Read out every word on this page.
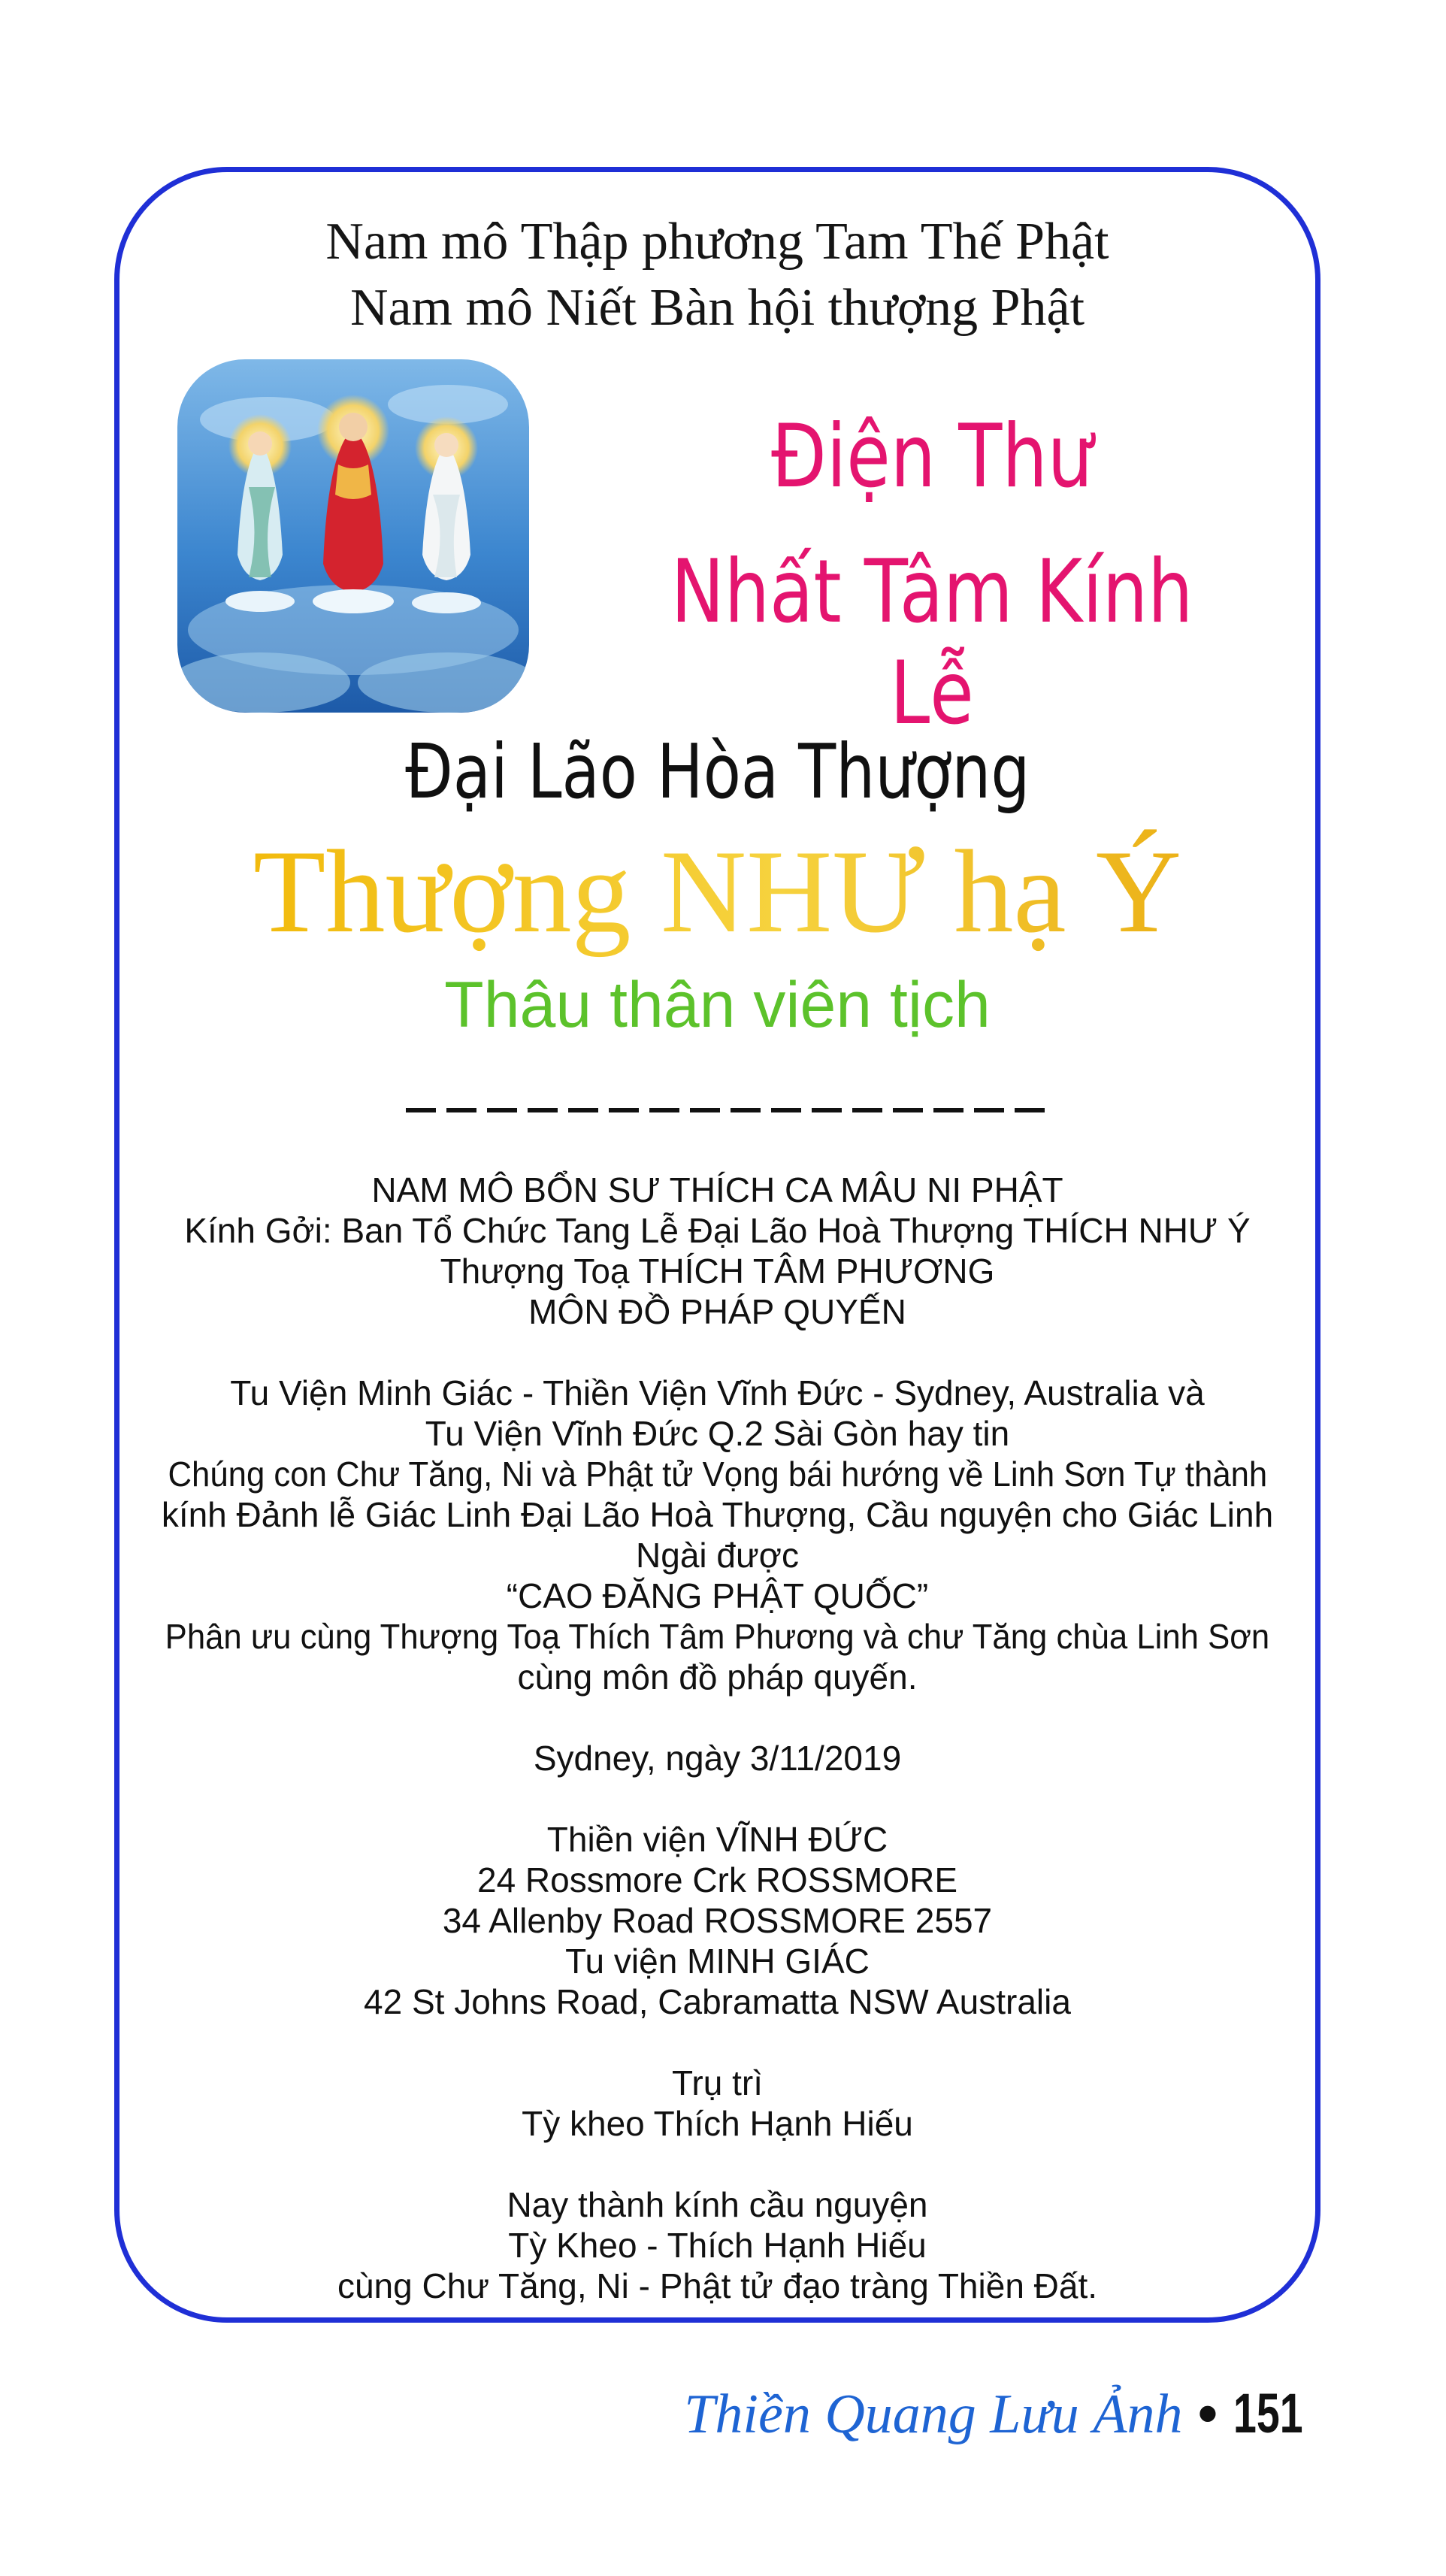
Nam mô Thập phương Tam Thế Phật
Nam mô Niết Bàn hội thượng Phật
Điện Thư
Nhất Tâm Kính Lễ
Đại Lão Hòa Thượng
Thượng NHƯ hạ Ý
Thâu thân viên tịch

NAM MÔ BỔN SƯ THÍCH CA MÂU NI PHẬT

Kính Gởi: Ban Tổ Chức Tang Lễ Đại Lão Hoà Thượng THÍCH NHƯ Ý

Thượng Toạ THÍCH TÂM PHƯƠNG

MÔN ĐỒ PHÁP QUYẾN

Tu Viện Minh Giác - Thiền Viện Vĩnh Đức - Sydney, Australia và

Tu Viện Vĩnh Đức Q.2 Sài Gòn hay tin

Chúng con Chư Tăng, Ni và Phật tử Vọng bái hướng về Linh Sơn Tự thành

kính Đảnh lễ Giác Linh Đại Lão Hoà Thượng, Cầu nguyện cho Giác Linh

Ngài được

“CAO ĐĂNG PHẬT QUỐC”

Phân ưu cùng Thượng Toạ Thích Tâm Phương và chư Tăng chùa Linh Sơn

cùng môn đồ pháp quyến.

Sydney, ngày 3/11/2019

Thiền viện VĨNH ĐỨC

24 Rossmore Crk ROSSMORE

34 Allenby Road ROSSMORE 2557

Tu viện MINH GIÁC

42 St Johns Road, Cabramatta NSW Australia

Trụ trì

Tỳ kheo Thích Hạnh Hiếu

Nay thành kính cầu nguyện

Tỳ Kheo - Thích Hạnh Hiếu

cùng Chư Tăng, Ni - Phật tử đạo tràng Thiền Đất.

Thiền Quang Lưu Ảnh • 151
